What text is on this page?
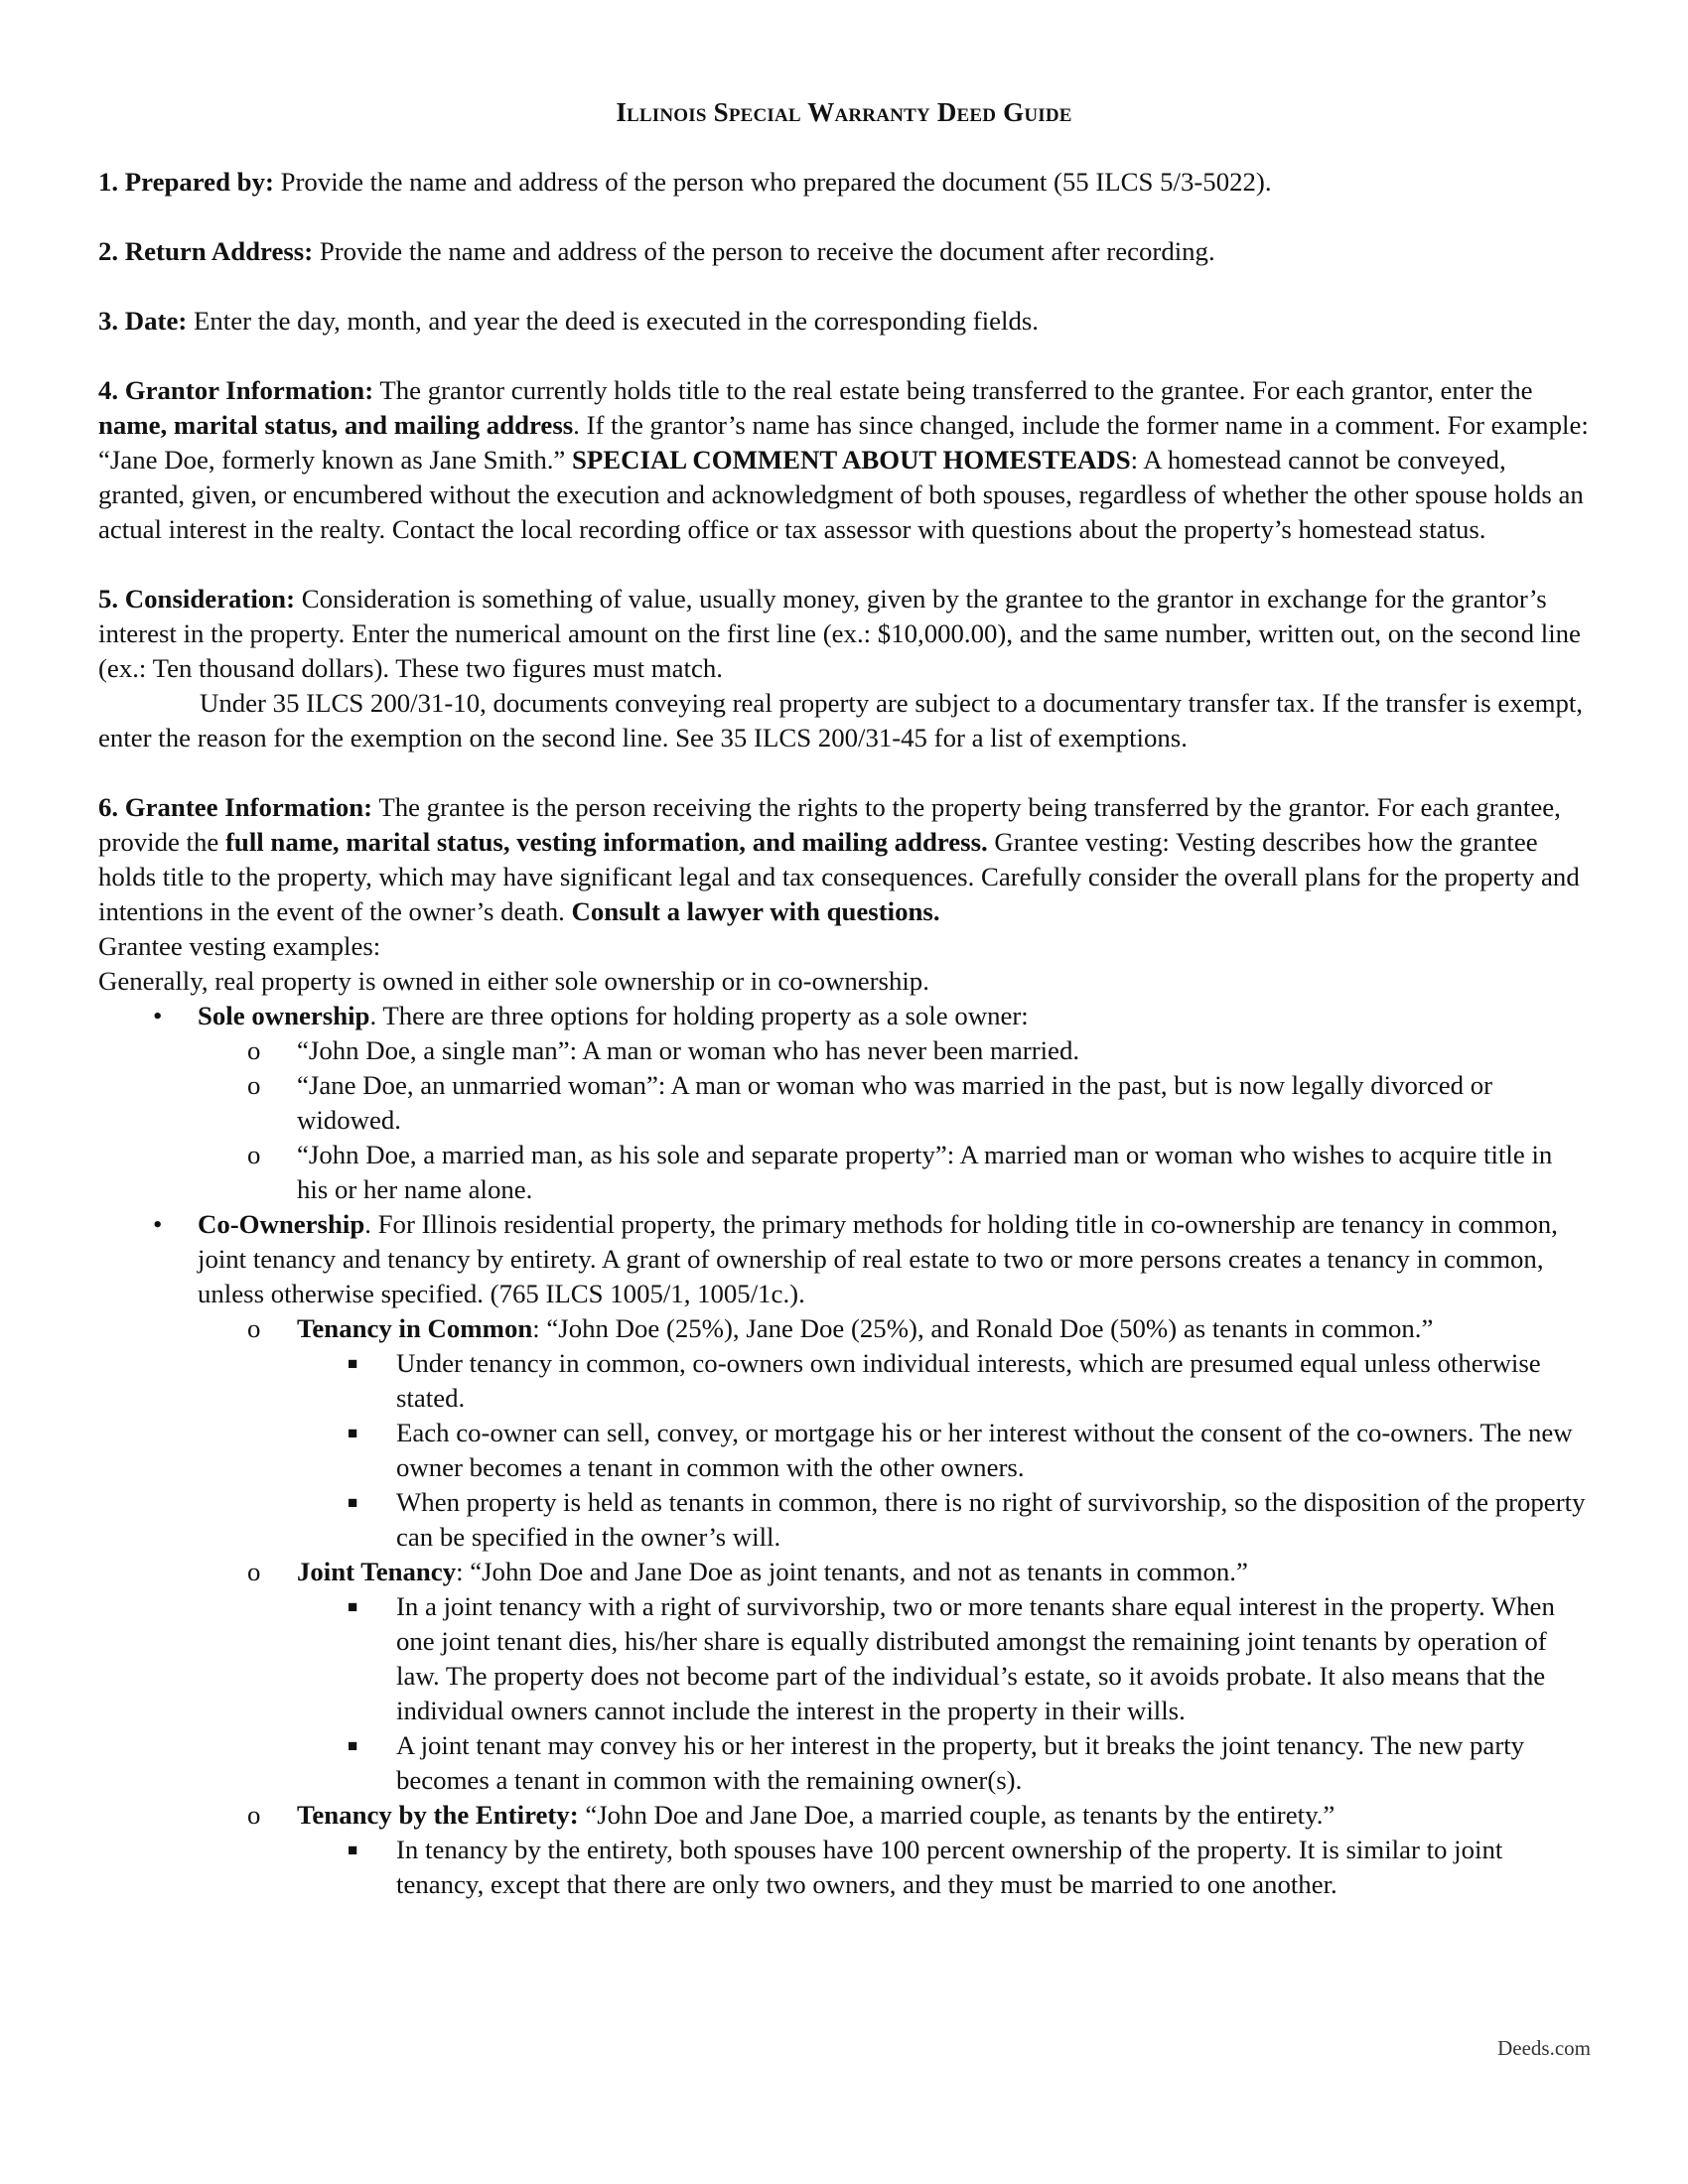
Illinois Special Warranty Deed Guide

1. Prepared by: Provide the name and address of the person who prepared the document (55 ILCS 5/3-5022).

2. Return Address: Provide the name and address of the person to receive the document after recording.

3. Date: Enter the day, month, and year the deed is executed in the corresponding fields.

4. Grantor Information: The grantor currently holds title to the real estate being transferred to the grantee. For each grantor, enter the name, marital status, and mailing address. If the grantor’s name has since changed, include the former name in a comment. For example: “Jane Doe, formerly known as Jane Smith.” SPECIAL COMMENT ABOUT HOMESTEADS: A homestead cannot be conveyed, granted, given, or encumbered without the execution and acknowledgment of both spouses, regardless of whether the other spouse holds an actual interest in the realty. Contact the local recording office or tax assessor with questions about the property’s homestead status.

5. Consideration: Consideration is something of value, usually money, given by the grantee to the grantor in exchange for the grantor’s interest in the property. Enter the numerical amount on the first line (ex.: $10,000.00), and the same number, written out, on the second line (ex.: Ten thousand dollars). These two figures must match.

Under 35 ILCS 200/31-10, documents conveying real property are subject to a documentary transfer tax. If the transfer is exempt, enter the reason for the exemption on the second line. See 35 ILCS 200/31-45 for a list of exemptions.

6. Grantee Information: The grantee is the person receiving the rights to the property being transferred by the grantor. For each grantee, provide the full name, marital status, vesting information, and mailing address. Grantee vesting: Vesting describes how the grantee holds title to the property, which may have significant legal and tax consequences. Carefully consider the overall plans for the property and intentions in the event of the owner’s death. Consult a lawyer with questions.

Grantee vesting examples:

Generally, real property is owned in either sole ownership or in co-ownership.

• Sole ownership. There are three options for holding property as a sole owner:
o “John Doe, a single man”: A man or woman who has never been married.
o “Jane Doe, an unmarried woman”: A man or woman who was married in the past, but is now legally divorced or widowed.
o “John Doe, a married man, as his sole and separate property”: A married man or woman who wishes to acquire title in his or her name alone.
• Co-Ownership. For Illinois residential property, the primary methods for holding title in co-ownership are tenancy in common, joint tenancy and tenancy by entirety. A grant of ownership of real estate to two or more persons creates a tenancy in common, unless otherwise specified. (765 ILCS 1005/1, 1005/1c.).
o Tenancy in Common: “John Doe (25%), Jane Doe (25%), and Ronald Doe (50%) as tenants in common.”
■ Under tenancy in common, co-owners own individual interests, which are presumed equal unless otherwise stated.
■ Each co-owner can sell, convey, or mortgage his or her interest without the consent of the co-owners. The new owner becomes a tenant in common with the other owners.
■ When property is held as tenants in common, there is no right of survivorship, so the disposition of the property can be specified in the owner’s will.
o Joint Tenancy: “John Doe and Jane Doe as joint tenants, and not as tenants in common.”
■ In a joint tenancy with a right of survivorship, two or more tenants share equal interest in the property. When one joint tenant dies, his/her share is equally distributed amongst the remaining joint tenants by operation of law. The property does not become part of the individual’s estate, so it avoids probate. It also means that the individual owners cannot include the interest in the property in their wills.
■ A joint tenant may convey his or her interest in the property, but it breaks the joint tenancy. The new party becomes a tenant in common with the remaining owner(s).
o Tenancy by the Entirety: “John Doe and Jane Doe, a married couple, as tenants by the entirety.”
■ In tenancy by the entirety, both spouses have 100 percent ownership of the property. It is similar to joint tenancy, except that there are only two owners, and they must be married to one another.
Deeds.com
